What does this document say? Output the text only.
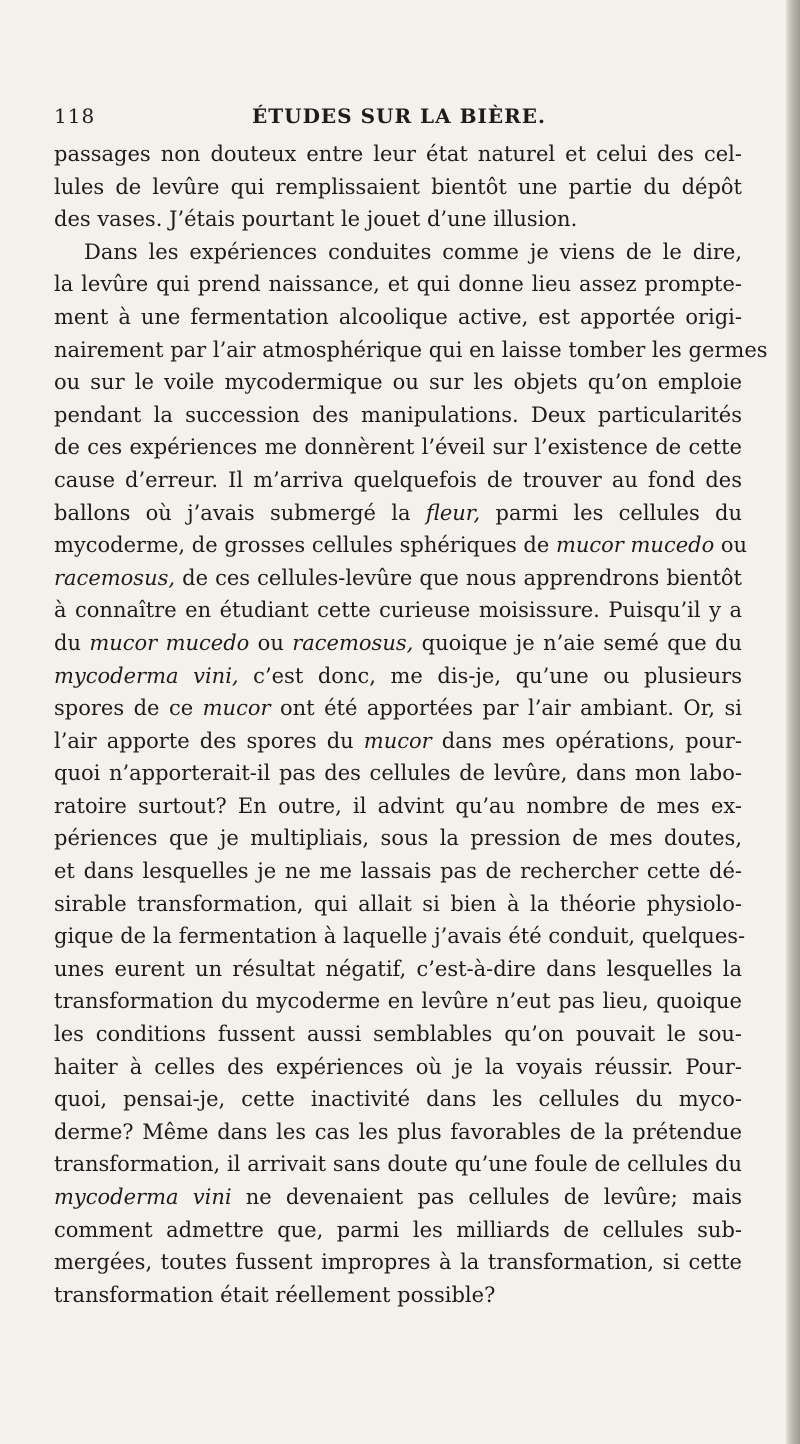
118	ÉTUDES SUR LA BIÈRE.
passages non douteux entre leur état naturel et celui des cel-
lules de levûre qui remplissaient bientôt une partie du dépôt
des vases. J’étais pourtant le jouet d’une illusion.
Dans les expériences conduites comme je viens de le dire,
la levûre qui prend naissance, et qui donne lieu assez prompte-
ment à une fermentation alcoolique active, est apportée origi-
nairement par l’air atmosphérique qui en laisse tomber les germes
ou sur le voile mycodermique ou sur les objets qu’on emploie
pendant la succession des manipulations. Deux particularités
de ces expériences me donnèrent l’éveil sur l’existence de cette
cause d’erreur. Il m’arriva quelquefois de trouver au fond des
ballons où j’avais submergé la fleur, parmi les cellules du
mycoderme, de grosses cellules sphériques de mucor mucedo ou
racemosus, de ces cellules-levûre que nous apprendrons bientôt
à connaître en étudiant cette curieuse moisissure. Puisqu’il y a
du mucor mucedo ou racemosus, quoique je n’aie semé que du
mycoderma vini, c’est donc, me dis-je, qu’une ou plusieurs
spores de ce mucor ont été apportées par l’air ambiant. Or, si
l’air apporte des spores du mucor dans mes opérations, pour-
quoi n’apporterait-il pas des cellules de levûre, dans mon labo-
ratoire surtout? En outre, il advint qu’au nombre de mes ex-
périences que je multipliais, sous la pression de mes doutes,
et dans lesquelles je ne me lassais pas de rechercher cette dé-
sirable transformation, qui allait si bien à la théorie physiolo-
gique de la fermentation à laquelle j’avais été conduit, quelques-
unes eurent un résultat négatif, c’est-à-dire dans lesquelles la
transformation du mycoderme en levûre n’eut pas lieu, quoique
les conditions fussent aussi semblables qu’on pouvait le sou-
haiter à celles des expériences où je la voyais réussir. Pour-
quoi, pensai-je, cette inactivité dans les cellules du myco-
derme? Même dans les cas les plus favorables de la prétendue
transformation, il arrivait sans doute qu’une foule de cellules du
mycoderma vini ne devenaient pas cellules de levûre; mais
comment admettre que, parmi les milliards de cellules sub-
mergées, toutes fussent impropres à la transformation, si cette
transformation était réellement possible?
